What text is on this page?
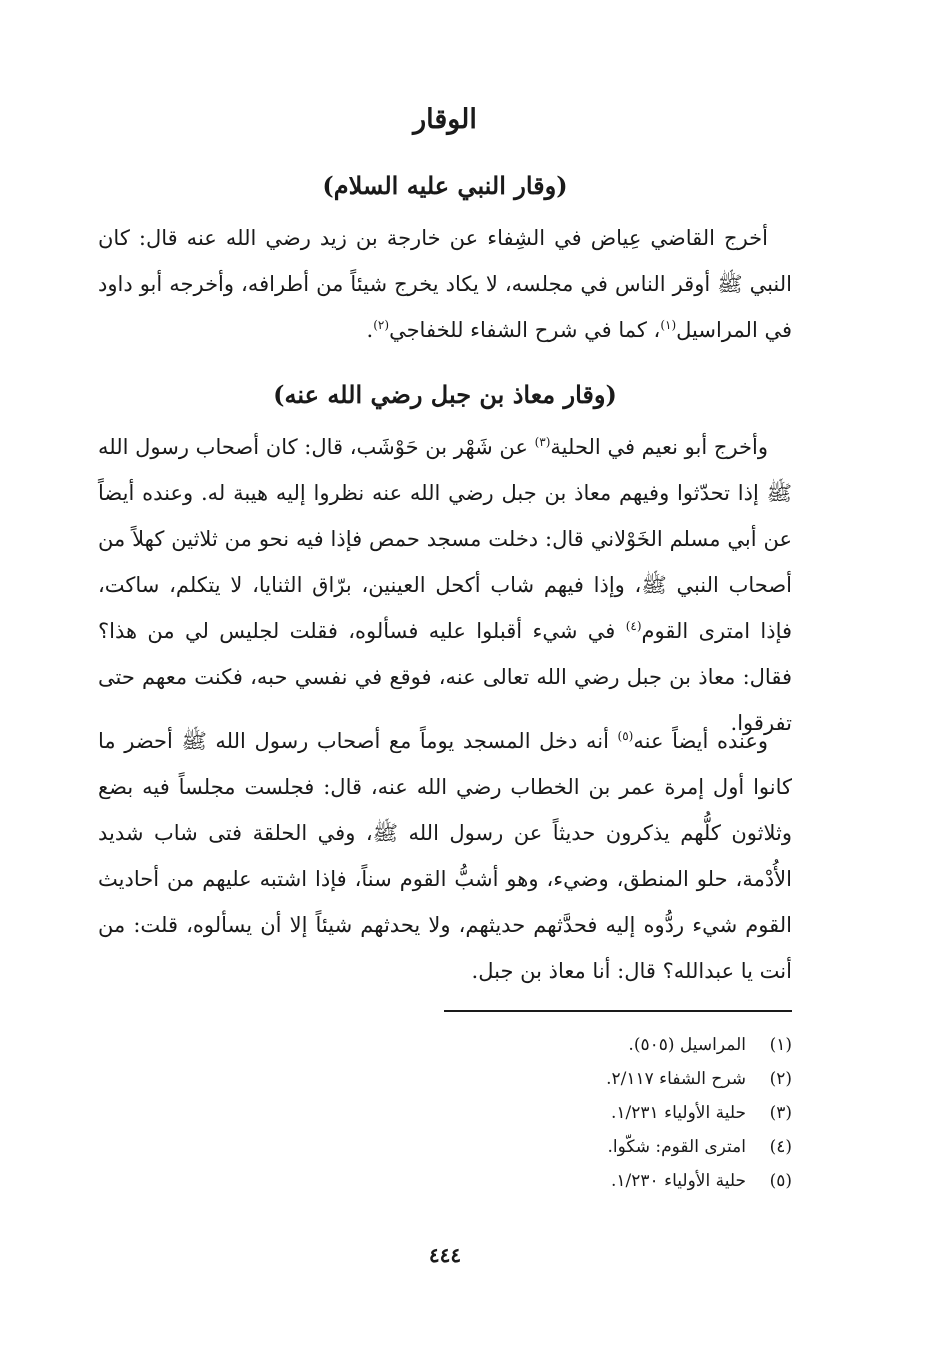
الوقار
(وقار النبي عليه السلام)

أخرج القاضي عِياض في الشِفاء عن خارجة بن زيد رضي الله عنه قال: كان النبي ﷺ أوقر الناس في مجلسه، لا يكاد يخرج شيئاً من أطرافه، وأخرجه أبو داود في المراسيل$^{(١)}$، كما في شرح الشفاء للخفاجي$^{(٢)}$.

(وقار معاذ بن جبل رضي الله عنه)

وأخرج أبو نعيم في الحلية$^{(٣)}$ عن شَهْر بن حَوْشَب، قال: كان أصحاب رسول الله ﷺ إذا تحدّثوا وفيهم معاذ بن جبل رضي الله عنه نظروا إليه هيبة له. وعنده أيضاً عن أبي مسلم الخَوْلاني قال: دخلت مسجد حمص فإذا فيه نحو من ثلاثين كهلاً من أصحاب النبي ﷺ، وإذا فيهم شاب أكحل العينين، برّاق الثنايا، لا يتكلم، ساكت، فإذا امترى القوم$^{(٤)}$ في شيء أقبلوا عليه فسألوه، فقلت لجليس لي من هذا؟ فقال: معاذ بن جبل رضي الله تعالى عنه، فوقع في نفسي حبه، فكنت معهم حتى تفرقوا.

وعنده أيضاً عنه$^{(٥)}$ أنه دخل المسجد يوماً مع أصحاب رسول الله ﷺ أحضر ما كانوا أول إمرة عمر بن الخطاب رضي الله عنه، قال: فجلست مجلساً فيه بضع وثلاثون كلُّهم يذكرون حديثاً عن رسول الله ﷺ، وفي الحلقة فتى شاب شديد الأُدْمة، حلو المنطق، وضيء، وهو أشبُّ القوم سناً، فإذا اشتبه عليهم من أحاديث القوم شيء ردُّوه إليه فحدَّثهم حديثهم، ولا يحدثهم شيئاً إلا أن يسألوه، قلت: من أنت يا عبدالله؟ قال: أنا معاذ بن جبل.

(١)
المراسيل (٥٠٥).
(٢)
شرح الشفاء ٢/١١٧.
(٣)
حلية الأولياء ١/٢٣١.
(٤)
امترى القوم: شكّوا.
(٥)
حلية الأولياء ١/٢٣٠.
٤٤٤
